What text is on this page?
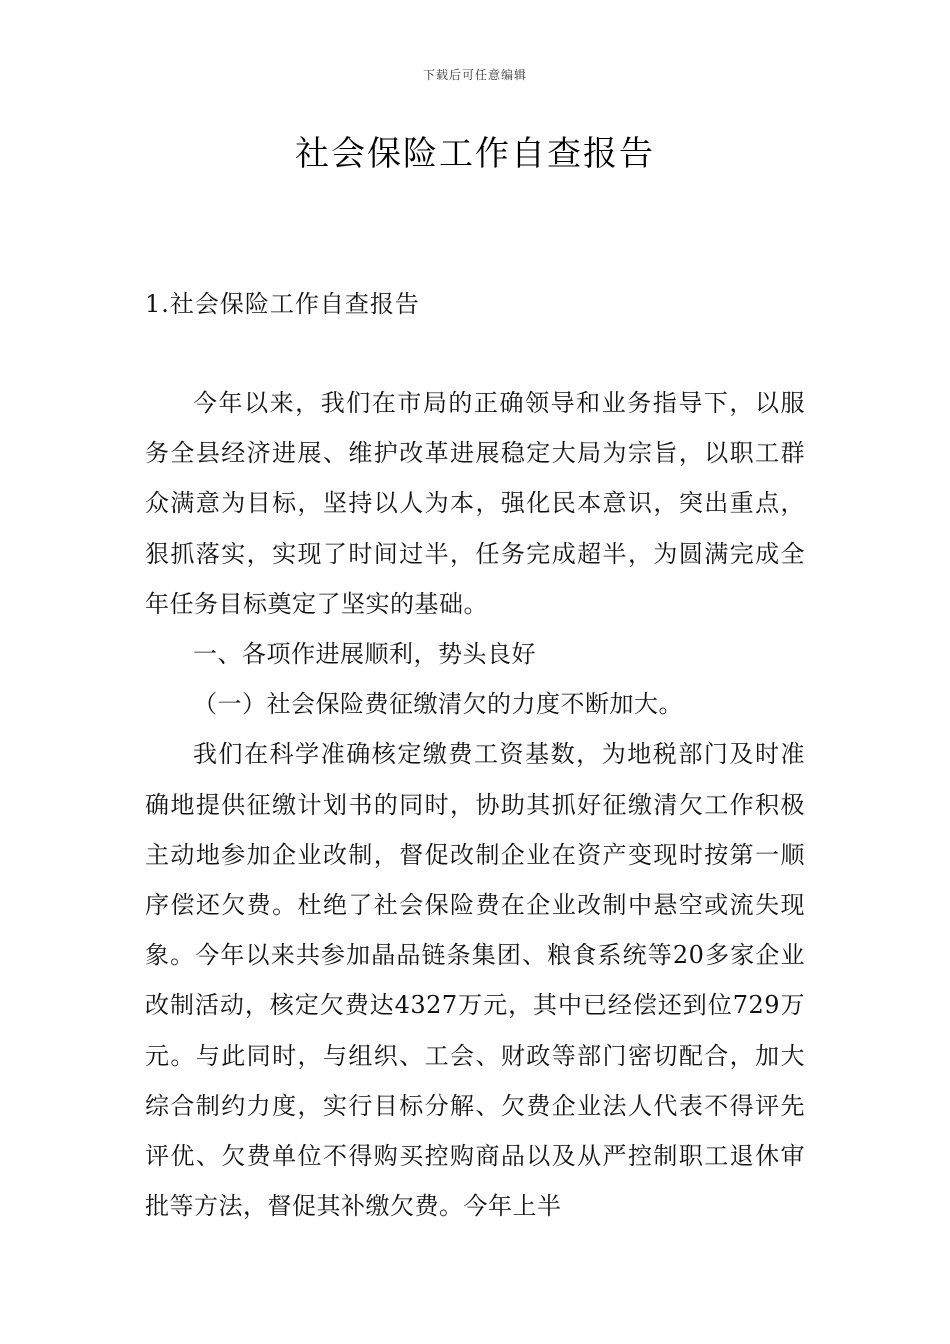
下载后可任意编辑
社会保险工作自查报告
1.社会保险工作自查报告

今年以来，我们在市局的正确领导和业务指导下，以服务全县经济进展、维护改革进展稳定大局为宗旨，以职工群众满意为目标，坚持以人为本，强化民本意识，突出重点，狠抓落实，实现了时间过半，任务完成超半，为圆满完成全年任务目标奠定了坚实的基础。

一、各项作进展顺利，势头良好

（一）社会保险费征缴清欠的力度不断加大。

我们在科学准确核定缴费工资基数，为地税部门及时准确地提供征缴计划书的同时，协助其抓好征缴清欠工作积极主动地参加企业改制，督促改制企业在资产变现时按第一顺序偿还欠费。杜绝了社会保险费在企业改制中悬空或流失现象。今年以来共参加晶品链条集团、粮食系统等20多家企业改制活动，核定欠费达4327万元，其中已经偿还到位729万元。与此同时，与组织、工会、财政等部门密切配合，加大综合制约力度，实行目标分解、欠费企业法人代表不得评先评优、欠费单位不得购买控购商品以及从严控制职工退休审批等方法，督促其补缴欠费。今年上半
